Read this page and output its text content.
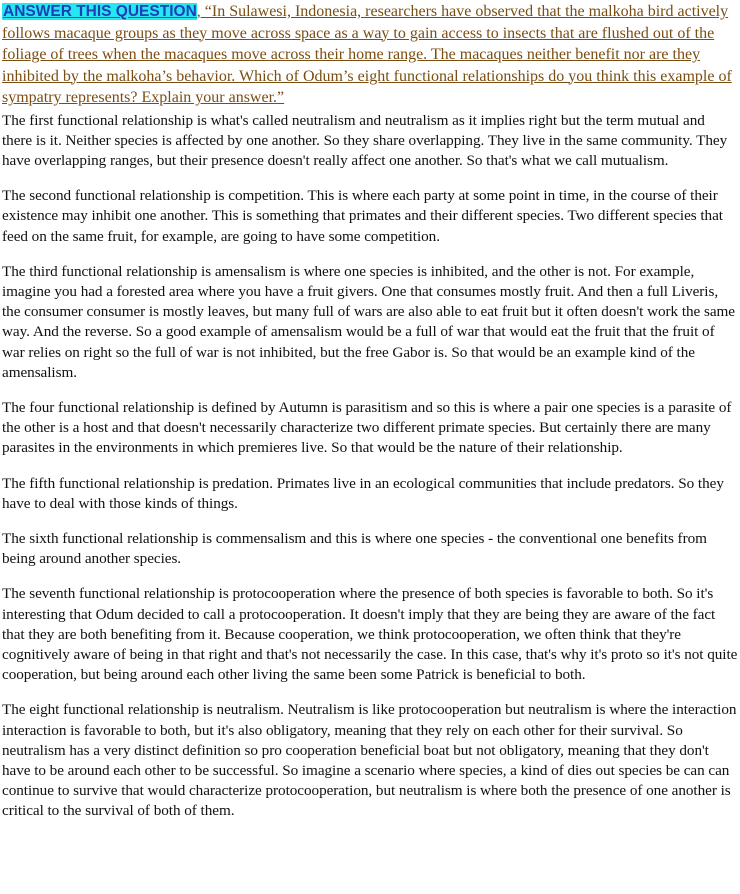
ANSWER THIS QUESTION, “In Sulawesi, Indonesia, researchers have observed that the malkoha bird actively follows macaque groups as they move across space as a way to gain access to insects that are flushed out of the foliage of trees when the macaques move across their home range. The macaques neither benefit nor are they inhibited by the malkoha’s behavior. Which of Odum’s eight functional relationships do you think this example of sympatry represents? Explain your answer.”

The first functional relationship is what's called neutralism and neutralism as it implies right but the term mutual and there is it. Neither species is affected by one another. So they share overlapping. They live in the same community. They have overlapping ranges, but their presence doesn't really affect one another. So that's what we call mutualism.

The second functional relationship is competition. This is where each party at some point in time, in the course of their existence may inhibit one another. This is something that primates and their different species. Two different species that feed on the same fruit, for example, are going to have some competition.

The third functional relationship is amensalism is where one species is inhibited, and the other is not. For example, imagine you had a forested area where you have a fruit givers. One that consumes mostly fruit. And then a full Liveris, the consumer consumer is mostly leaves, but many full of wars are also able to eat fruit but it often doesn't work the same way. And the reverse. So a good example of amensalism would be a full of war that would eat the fruit that the fruit of war relies on right so the full of war is not inhibited, but the free Gabor is. So that would be an example kind of the amensalism.

The four functional relationship is defined by Autumn is parasitism and so this is where a pair one species is a parasite of the other is a host and that doesn't necessarily characterize two different primate species. But certainly there are many parasites in the environments in which premieres live. So that would be the nature of their relationship.

The fifth functional relationship is predation. Primates live in an ecological communities that include predators. So they have to deal with those kinds of things.

The sixth functional relationship is commensalism and this is where one species - the conventional one benefits from being around another species.

The seventh functional relationship is protocooperation where the presence of both species is favorable to both. So it's interesting that Odum decided to call a protocooperation. It doesn't imply that they are being they are aware of the fact that they are both benefiting from it. Because cooperation, we think protocooperation, we often think that they're cognitively aware of being in that right and that's not necessarily the case. In this case, that's why it's proto so it's not quite cooperation, but being around each other living the same been some Patrick is beneficial to both.

The eight functional relationship is neutralism. Neutralism is like protocooperation but neutralism is where the interaction interaction is favorable to both, but it's also obligatory, meaning that they rely on each other for their survival. So neutralism has a very distinct definition so pro cooperation beneficial boat but not obligatory, meaning that they don't have to be around each other to be successful. So imagine a scenario where species, a kind of dies out species be can can continue to survive that would characterize protocooperation, but neutralism is where both the presence of one another is critical to the survival of both of them.
